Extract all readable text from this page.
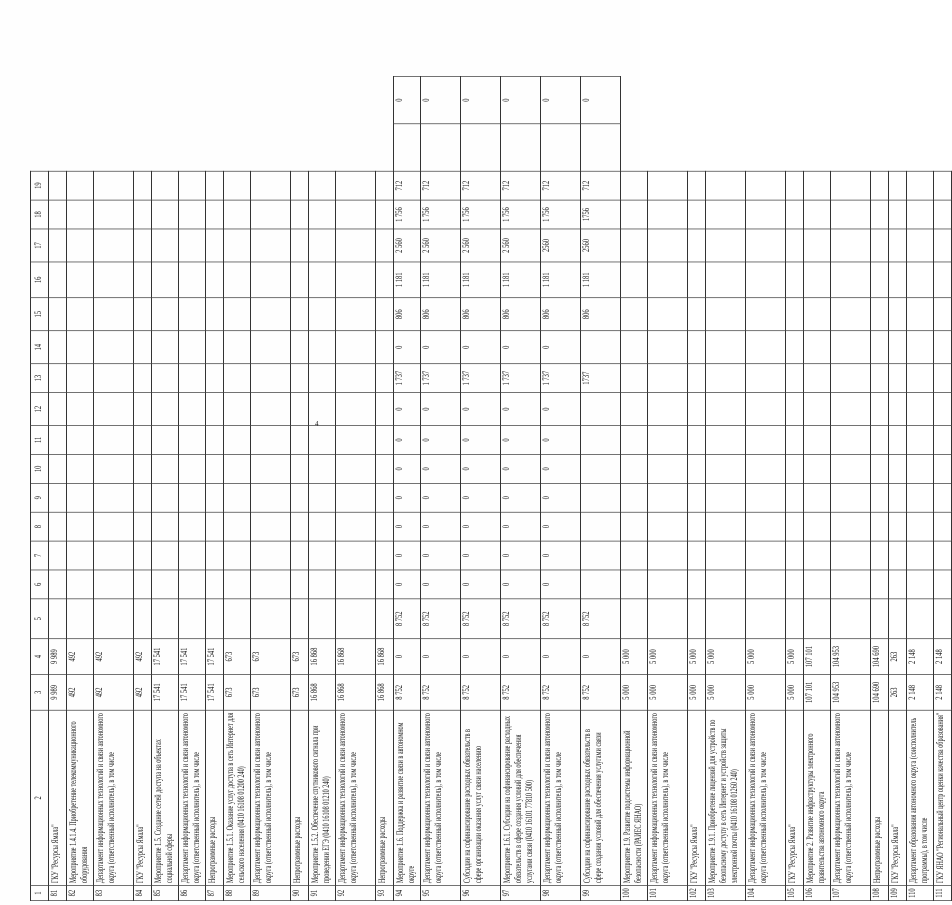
4
1	2	3	4	5	6	7	8	9	10	11	12	13	14	15	16	17	18	19		
81	ГКУ "Ресурсы Ямала"	9 989	9 989																	
82	Мероприятие 1.4.1.4. Приобретение телекоммуникационного оборудования	492	492																	
83	Департамент информационных технологий и связи автономного округа (ответственный исполнитель), в том числе	492	492																	
84	ГКУ "Ресурсы Ямала"	492	492																	
85	Мероприятие 1.5. Создание сетей доступа на объектах социальной сферы	17 541	17 541																	
86	Департамент информационных технологий и связи автономного округа (ответственный исполнитель), в том числе	17 541	17 541																	
87	Непрограммные расходы	17 541	17 541																	
88	Мероприятие 1.5.1. Оказание услуг доступа в сеть Интернет для сельского населения (0410 16108 01200 240)	673	673																	
89	Департамент информационных технологий и связи автономного округа (ответственный исполнитель), в том числе	673	673																	
90	Непрограммные расходы	673	673																	
91	Мероприятие 1.5.2. Обеспечение спутникового сигнала при проведении ЕГЭ (0410 16108 01210 240)	16 868	16 868																	
92	Департамент информационных технологий и связи автономного округа (ответственный исполнитель), в том числе	16 868	16 868																	
93	Непрограммные расходы	16 868	16 868																	
94	Мероприятие 1.6. Поддержка и развитие связи в автономном округе	8 752	0	8 752	0	0	0	0	0	0	0	1 737	0	806	1 181	2 560	1 756	712		0
95	Департамент информационных технологий и связи автономного округа (ответственный исполнитель), в том числе	8 752	0	8 752	0	0	0	0	0	0	0	1 737	0	806	1 181	2 560	1 756	712		0
96	Субсидии на софинансирование расходных обязательств в сфере организации оказания услуг связи населению	8 752	0	8 752	0	0	0	0	0	0	0	1 737	0	806	1 181	2 560	1 756	712		0
97	Мероприятие 1.6.1. Субсидии на софинансирование расходных обязательств в сфере создания условий для обеспечения услугами связи (0410 16101 77810 500)	8 752	0	8 752	0	0	0	0	0	0	0	1 737	0	806	1 181	2 560	1 756	712		0
98	Департамент информационных технологий и связи автономного округа (ответственный исполнитель), в том числе	8 752	0	8 752	0	0	0	0	0	0	0	1 737	0	806	1 181	2560	1 756	712		0
99	Субсидии на софинансирование расходных обязательств в сфере создания условий для обеспечения услугами связи	8 752	0	8 752								1737		806	1 181	2560	1756	712		0
100	Мероприятие 1.9. Развитие подсистемы информационной безопасности (РАИЕС ЯНАО)	5 000	5 000																	
101	Департамент информационных технологий и связи автономного округа (ответственный исполнитель), в том числе	5 000	5 000																	
102	ГКУ "Ресурсы Ямала"	5 000	5 000																	
103	Мероприятие 1.9.1. Приобретение лицензий для устройств по безопасному доступу в сеть Интернет и устройств защиты электронной почты (0410 16108 01260 240)	5 000	5 000																	
104	Департамент информационных технологий и связи автономного округа (ответственный исполнитель), в том числе	5 000	5 000																	
105	ГКУ "Ресурсы Ямала"	5 000	5 000																	
106	Мероприятие 2. Развитие инфраструктуры электронного правительства автономного округа	107 101	107 101																	
107	Департамент информационных технологий и связи автономного округа (ответственный исполнитель), в том числе	104 953	104 953																	
108	Непрограммные расходы	104 690	104 690																	
109	ГКУ "Ресурсы Ямала"	263	263																	
110	Департамент образования автономного округа (соисполнитель программы), в том числе	2 148	2 148																	
111	ГКУ ЯНАО "Региональный центр оценки качества образования"	2 148	2 148																	
